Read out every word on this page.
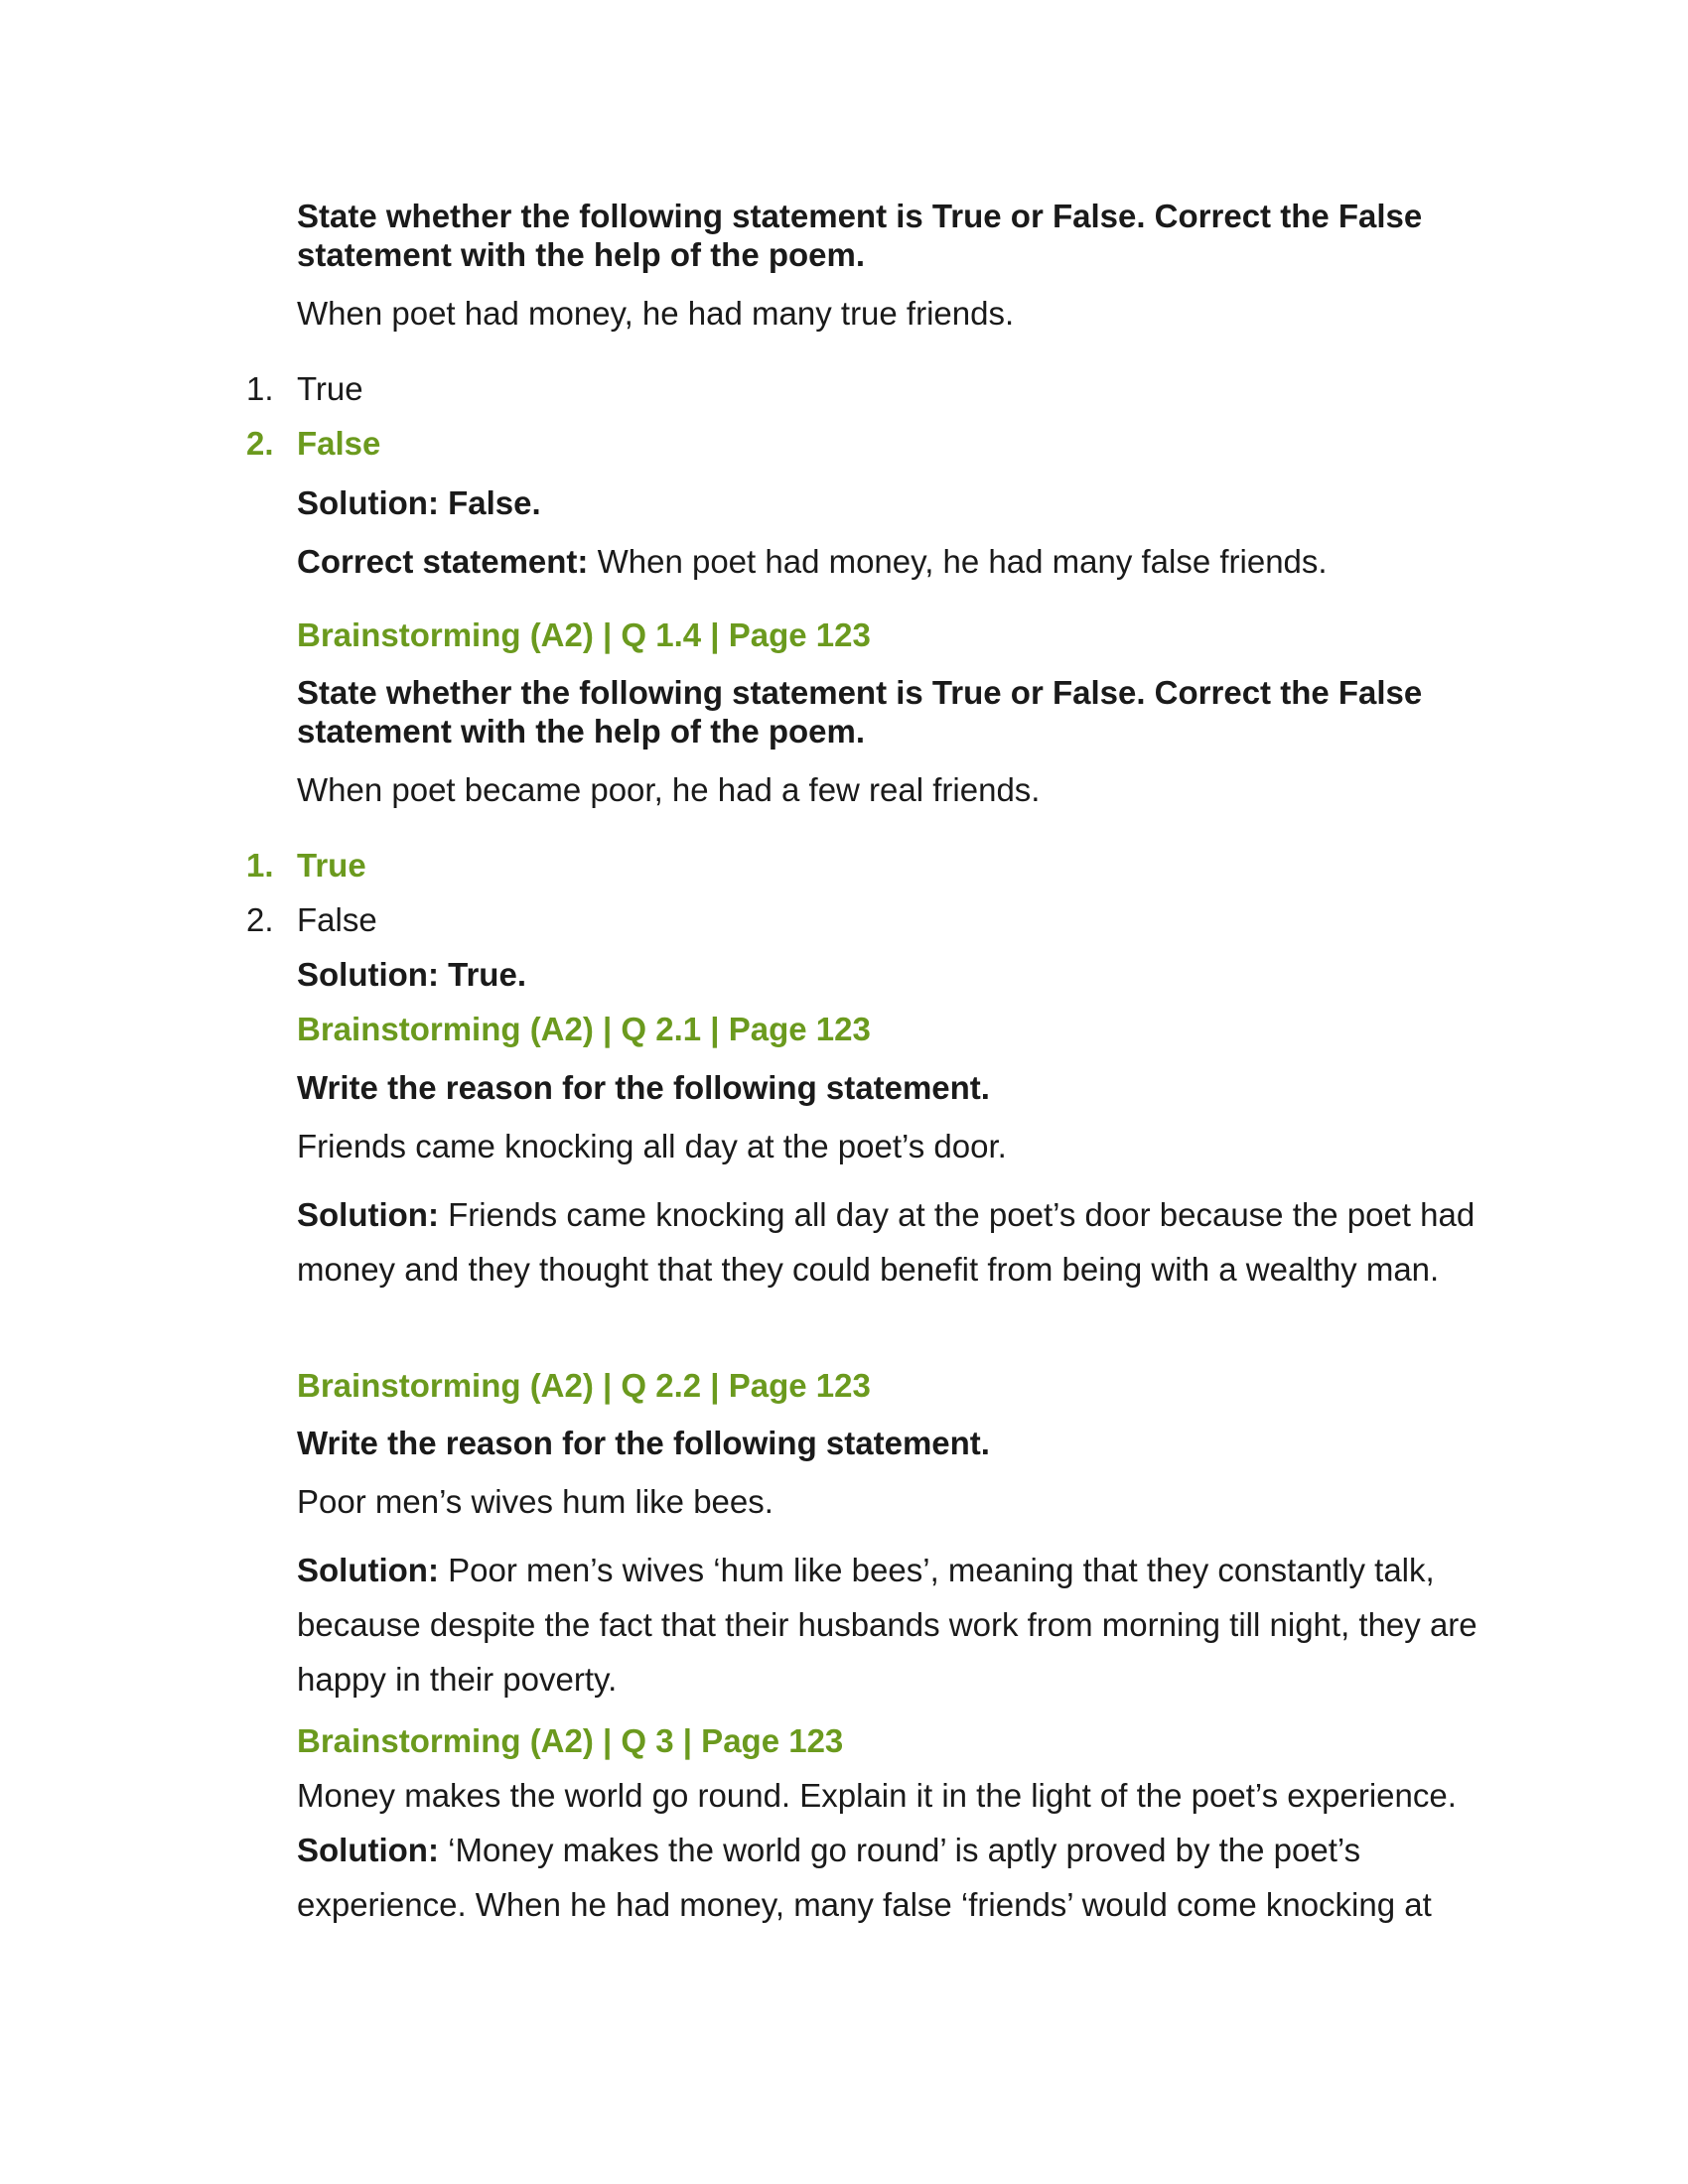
State whether the following statement is True or False. Correct the False
statement with the help of the poem.
When poet had money, he had many true friends.
1. True
2. False
Solution: False.
Correct statement: When poet had money, he had many false friends.
Brainstorming (A2) | Q 1.4 | Page 123
State whether the following statement is True or False. Correct the False
statement with the help of the poem.
When poet became poor, he had a few real friends.
1. True
2. False
Solution: True.
Brainstorming (A2) | Q 2.1 | Page 123
Write the reason for the following statement.
Friends came knocking all day at the poet’s door.

Solution: Friends came knocking all day at the poet’s door because the poet had money and they thought that they could benefit from being with a wealthy man.

Brainstorming (A2) | Q 2.2 | Page 123
Write the reason for the following statement.
Poor men’s wives hum like bees.

Solution: Poor men’s wives ‘hum like bees’, meaning that they constantly talk, because despite the fact that their husbands work from morning till night, they are happy in their poverty.

Brainstorming (A2) | Q 3 | Page 123
Money makes the world go round. Explain it in the light of the poet’s experience.

Solution: ‘Money makes the world go round’ is aptly proved by the poet’s experience. When he had money, many false ‘friends’ would come knocking at
